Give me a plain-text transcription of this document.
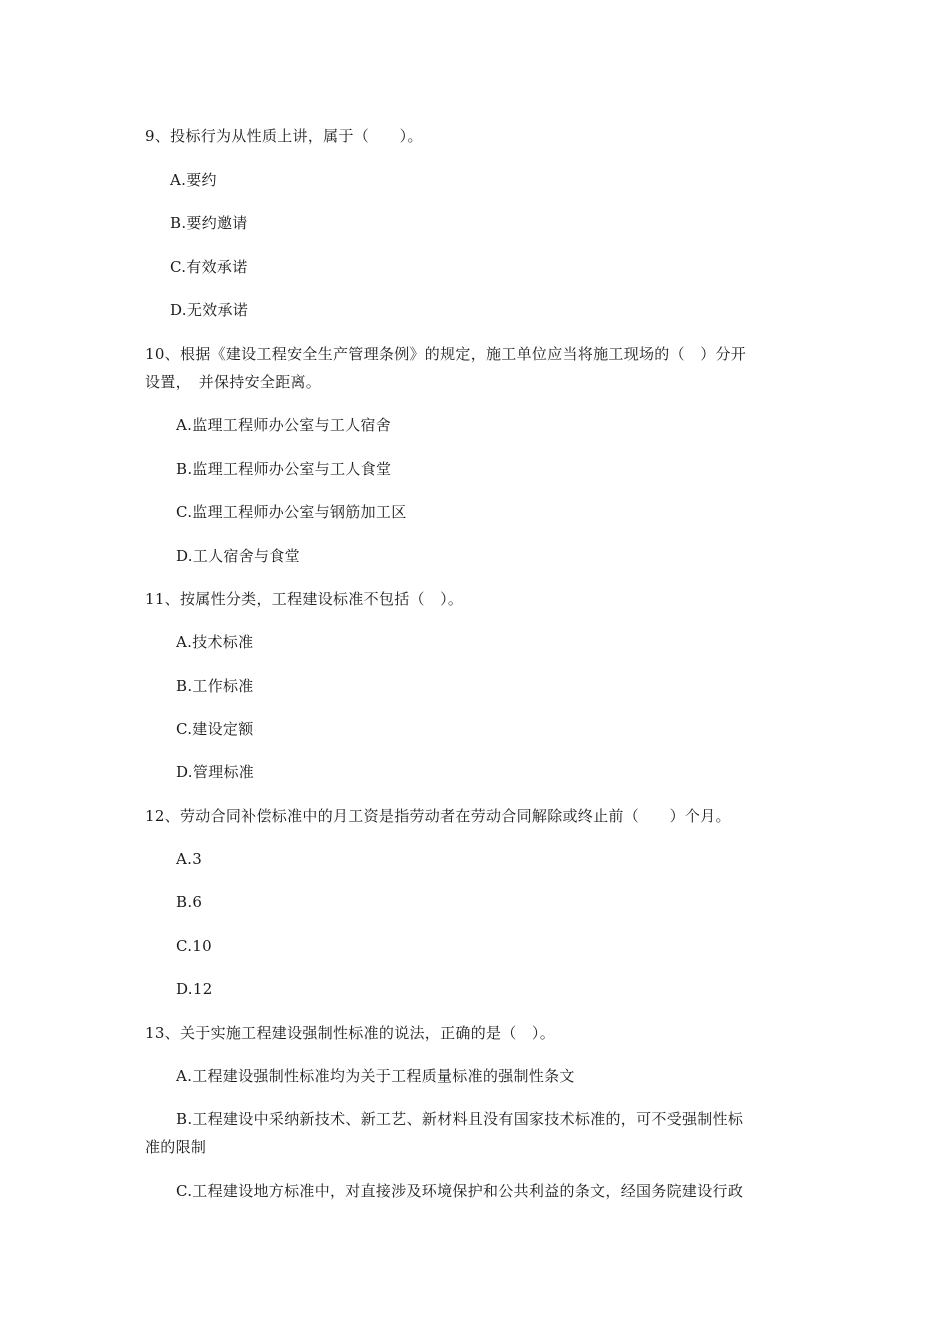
9、投标行为从性质上讲，属于（　　）。
A.要约
B.要约邀请
C.有效承诺
D.无效承诺
10、根据《建设工程安全生产管理条例》的规定，施工单位应当将施工现场的（　）分开
设置，　并保持安全距离。
A.监理工程师办公室与工人宿舍
B.监理工程师办公室与工人食堂
C.监理工程师办公室与钢筋加工区
D.工人宿舍与食堂
11、按属性分类，工程建设标准不包括（　）。
A.技术标准
B.工作标准
C.建设定额
D.管理标准
12、劳动合同补偿标准中的月工资是指劳动者在劳动合同解除或终止前（　　）个月。
A.3
B.6
C.10
D.12
13、关于实施工程建设强制性标准的说法，正确的是（　）。
A.工程建设强制性标准均为关于工程质量标准的强制性条文
B.工程建设中采纳新技术、新工艺、新材料且没有国家技术标准的，可不受强制性标
准的限制
C.工程建设地方标准中，对直接涉及环境保护和公共利益的条文，经国务院建设行政
